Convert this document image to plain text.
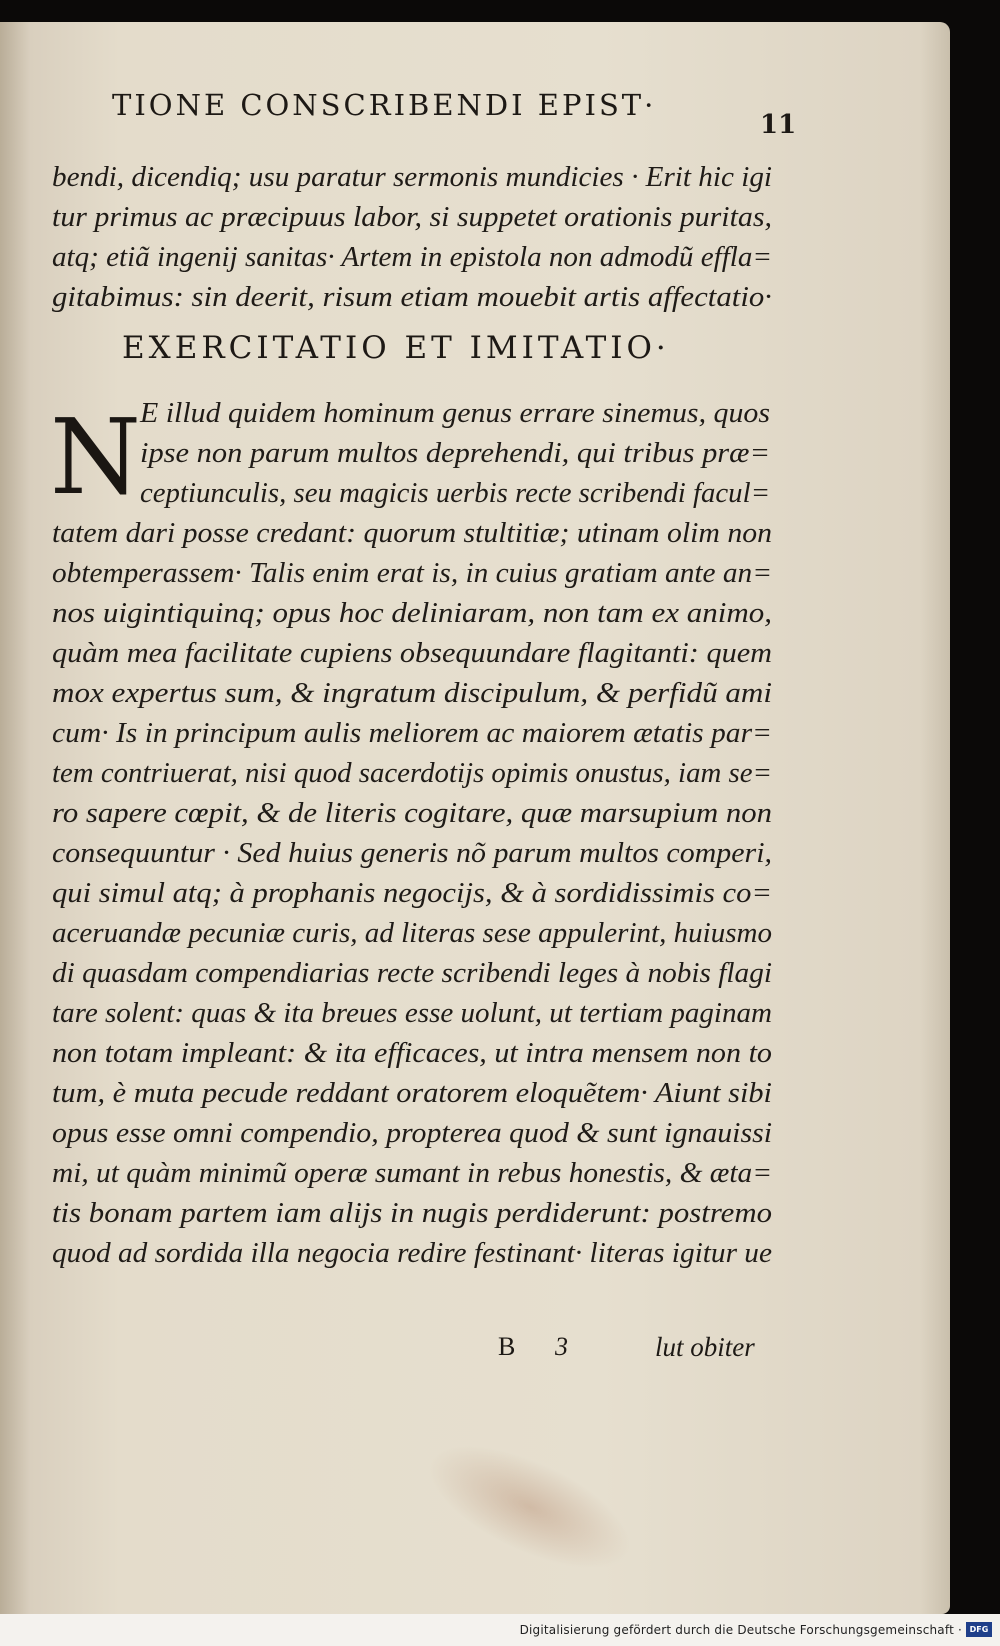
TIONE CONSCRIBENDI EPIST·
11
bendi, dicendiq; usu paratur sermonis mundicies · Erit hic igi
tur primus ac præcipuus labor, si suppetet orationis puritas,
atq; etiã ingenij sanitas· Artem in epistola non admodũ effla=
gitabimus: sin deerit, risum etiam mouebit artis affectatio·
EXERCITATIO ET IMITATIO·
N E illud quidem hominum genus errare sinemus, quos
ipse non parum multos deprehendi, qui tribus præ=
ceptiunculis, seu magicis uerbis recte scribendi facul=
tatem dari posse credant: quorum stultitiæ; utinam olim non
obtemperassem· Talis enim erat is, in cuius gratiam ante an=
nos uigintiquinq; opus hoc deliniaram, non tam ex animo,
quàm mea facilitate cupiens obsequundare flagitanti: quem
mox expertus sum, & ingratum discipulum, & perfidũ ami
cum· Is in principum aulis meliorem ac maiorem ætatis par=
tem contriuerat, nisi quod sacerdotijs opimis onustus, iam se=
ro sapere cœpit, & de literis cogitare, quæ marsupium non
consequuntur · Sed huius generis nõ parum multos comperi,
qui simul atq; à prophanis negocijs, & à sordidissimis co=
aceruandæ pecuniæ curis, ad literas sese appulerint, huiusmo
di quasdam compendiarias recte scribendi leges à nobis flagi
tare solent: quas & ita breues esse uolunt, ut tertiam paginam
non totam impleant: & ita efficaces, ut intra mensem non to
tum, è muta pecude reddant oratorem eloquẽtem· Aiunt sibi
opus esse omni compendio, propterea quod & sunt ignauissi
mi, ut quàm minimũ operæ sumant in rebus honestis, & æta=
tis bonam partem iam alijs in nugis perdiderunt: postremo
quod ad sordida illa negocia redire festinant· literas igitur ue
B 3	lut obiter
Digitalisierung gefördert durch die Deutsche Forschungsgemeinschaft · DFG
